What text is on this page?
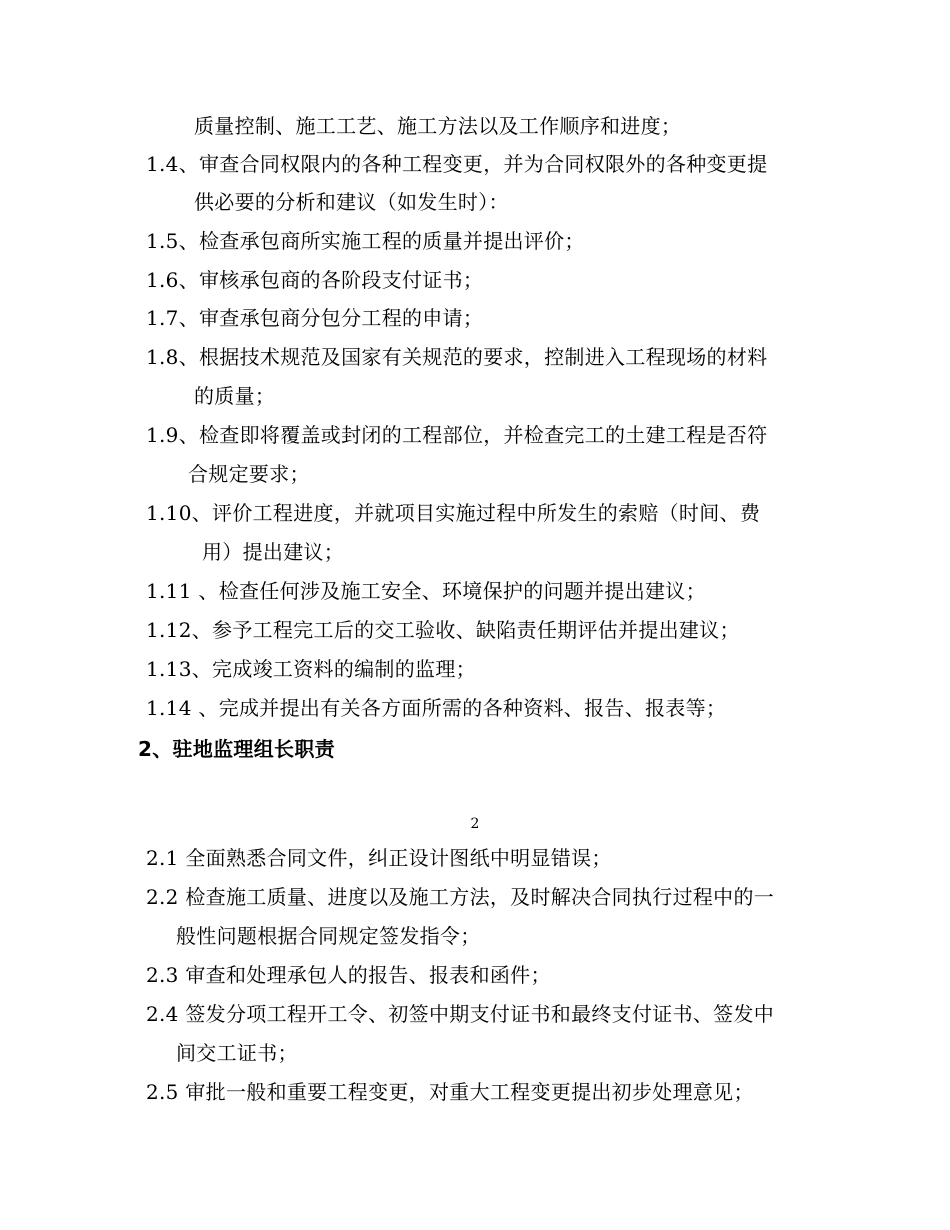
质量控制、施工工艺、施工方法以及工作顺序和进度；
1.4、审查合同权限内的各种工程变更，并为合同权限外的各种变更提
供必要的分析和建议（如发生时）：
1.5、检查承包商所实施工程的质量并提出评价；
1.6、审核承包商的各阶段支付证书；
1.7、审查承包商分包分工程的申请；
1.8、根据技术规范及国家有关规范的要求，控制进入工程现场的材料
的质量；
1.9、检查即将覆盖或封闭的工程部位，并检查完工的土建工程是否符
合规定要求；
1.10、评价工程进度，并就项目实施过程中所发生的索赔（时间、费
用）提出建议；
1.11 、检查任何涉及施工安全、环境保护的问题并提出建议；
1.12、参予工程完工后的交工验收、缺陷责任期评估并提出建议；
1.13、完成竣工资料的编制的监理；
1.14 、完成并提出有关各方面所需的各种资料、报告、报表等；
2、驻地监理组长职责
2
2.1 全面熟悉合同文件，纠正设计图纸中明显错误；
2.2 检查施工质量、进度以及施工方法，及时解决合同执行过程中的一
般性问题根据合同规定签发指令；
2.3 审查和处理承包人的报告、报表和函件；
2.4 签发分项工程开工令、初签中期支付证书和最终支付证书、签发中
间交工证书；
2.5 审批一般和重要工程变更，对重大工程变更提出初步处理意见；
